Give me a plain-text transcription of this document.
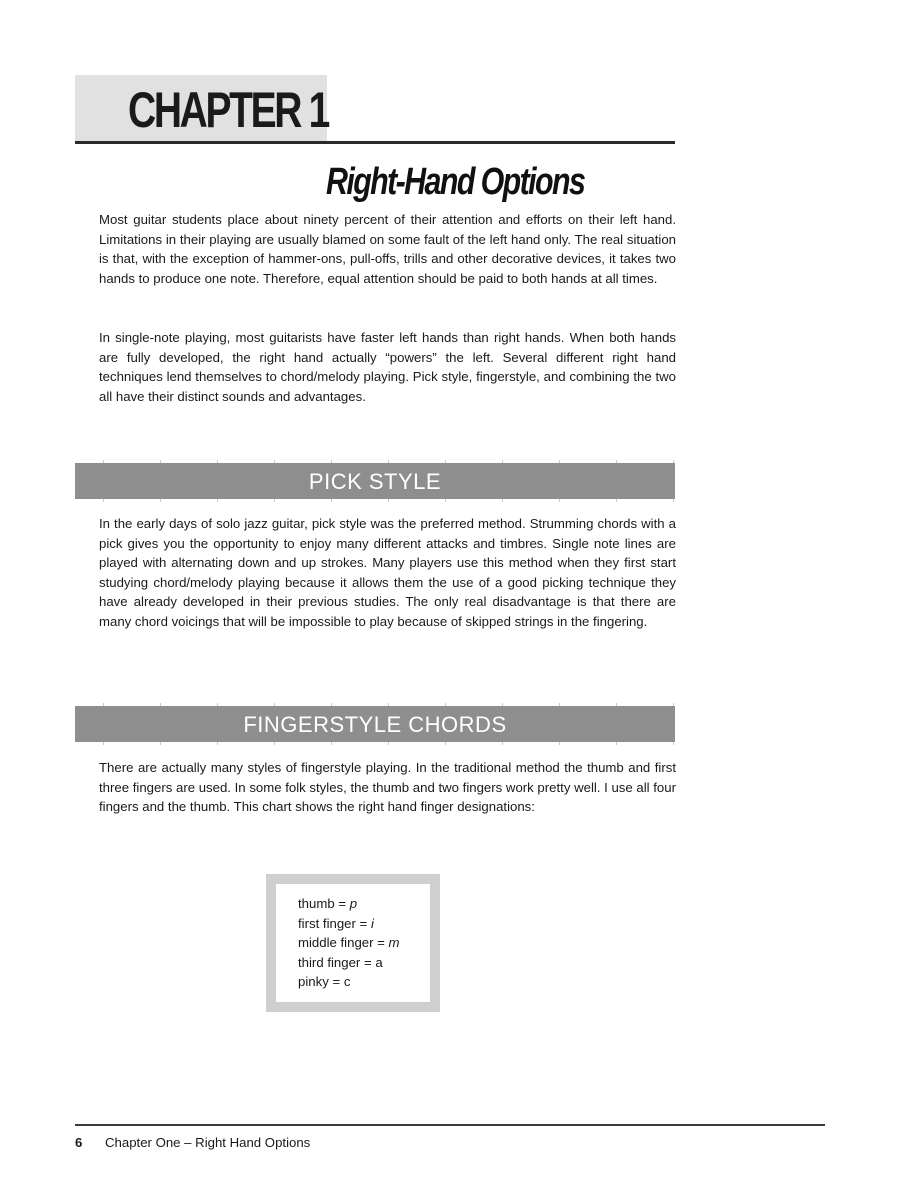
CHAPTER 1
Right-Hand Options

Most guitar students place about ninety percent of their attention and efforts on their left hand. Limitations in their playing are usually blamed on some fault of the left hand only. The real situation is that, with the exception of hammer-ons, pull-offs, trills and other decorative devices, it takes two hands to produce one note. Therefore, equal attention should be paid to both hands at all times.

In single-note playing, most guitarists have faster left hands than right hands. When both hands are fully developed, the right hand actually “powers” the left. Several different right hand techniques lend themselves to chord/melody playing. Pick style, fingerstyle, and combining the two all have their distinct sounds and advantages.

PICK STYLE

In the early days of solo jazz guitar, pick style was the preferred method. Strumming chords with a pick gives you the opportunity to enjoy many different attacks and timbres. Single note lines are played with alternating down and up strokes. Many players use this method when they first start studying chord/melody playing because it allows them the use of a good picking technique they have already developed in their previous studies. The only real disadvantage is that there are many chord voicings that will be impossible to play because of skipped strings in the fingering.

FINGERSTYLE CHORDS

There are actually many styles of fingerstyle playing. In the traditional method the thumb and first three fingers are used. In some folk styles, the thumb and two fingers work pretty well. I use all four fingers and the thumb. This chart shows the right hand finger designations:

thumb = p
first finger = i
middle finger = m
third finger = a
pinky = c
6 Chapter One – Right Hand Options
